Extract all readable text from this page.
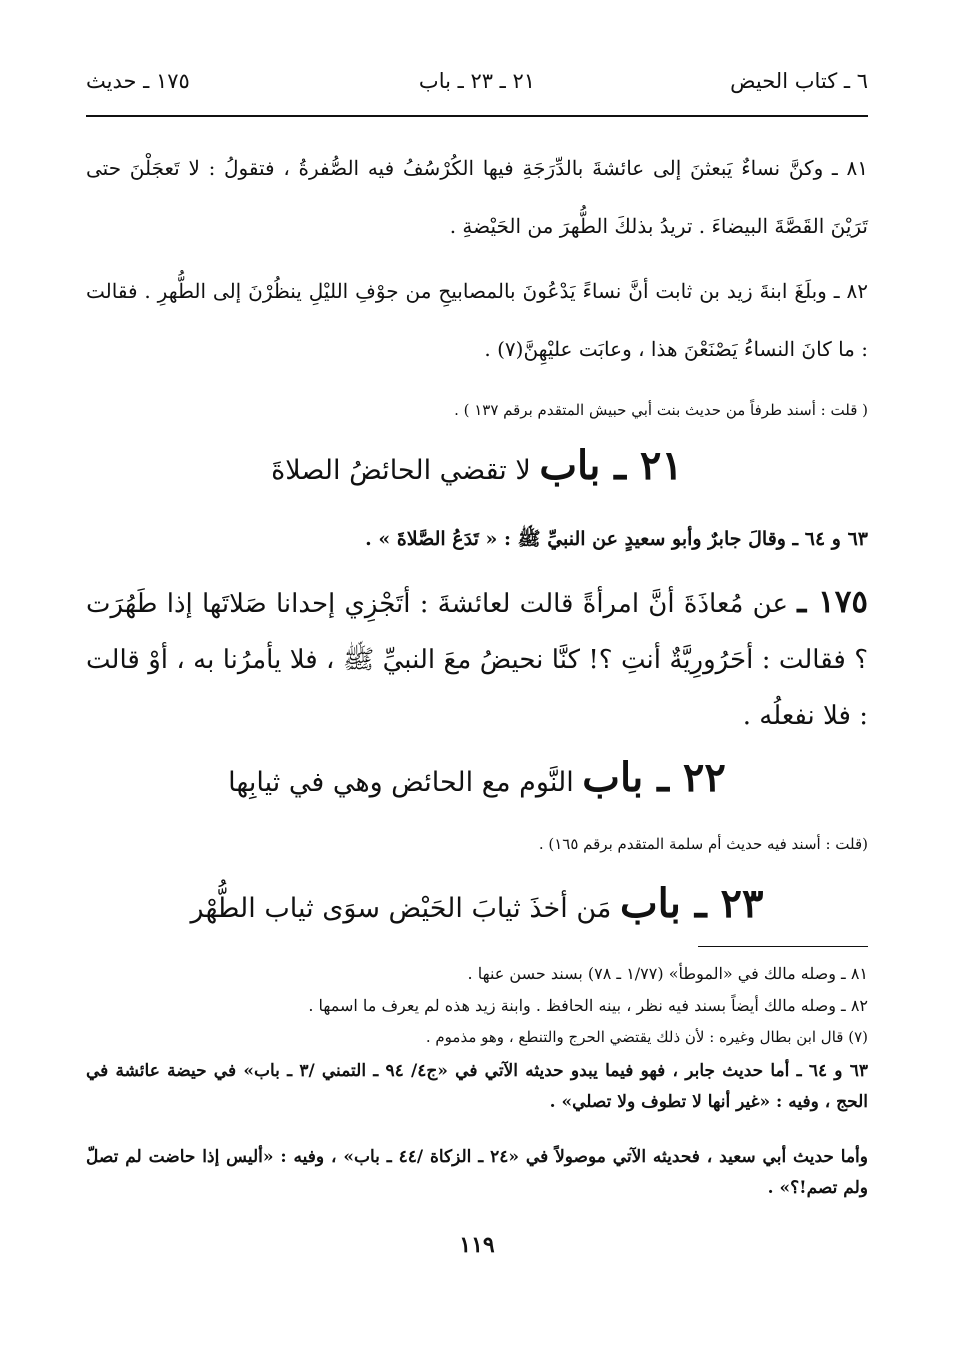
٦ ـ كتاب الحيض
٢١ ـ ٢٣ ـ باب
١٧٥ ـ حديث
٨١ ـ وكنَّ نساءٌ يَبعثنَ إلى عائشةَ بالدِّرَجَةِ فيها الكُرْسُفُ فيه الصُّفرةُ ، فتقولُ : لا تَعجَلْنَ حتى تَرَيْنَ القَصَّةَ البيضاءَ . تريدُ بذلكَ الطُّهرَ من الحَيْضةِ .
٨٢ ـ وبلَغَ ابنةَ زيد بن ثابت أنَّ نساءً يَدْعُونَ بالمصابيحِ من جوْفِ الليْلِ ينظُرْنَ إلى الطُّهرِ . فقالت : ما كانَ النساءُ يَصْنَعْنَ هذا ، وعابَت عليْهِنَّ(٧) .
( قلت : أسند طرفاً من حديث بنت أبي حبيش المتقدم برقم ١٣٧ ) .
٢١ ـ باب لا تقضي الحائضُ الصلاةَ
٦٣ و ٦٤ ـ وقالَ جابرٌ وأبو سعيدٍ عن النبيِّ ﷺ : « تَدَعُ الصَّلاةَ » .
١٧٥ ـ عن مُعاذَةَ أنَّ امرأةً قالت لعائشةَ : أتَجْزِي إحدانا صَلاتَها إذا طَهُرَت ؟ فقالت : أحَرُورِيَّةٌ أنتِ ؟! كنَّا نحيضُ معَ النبيِّ ﷺ ، فلا يأمرُنا به ، أوْ قالت : فلا نفعلُه .
٢٢ ـ باب النَّوم مع الحائض وهي في ثيابِها
(قلت : أسند فيه حديث أم سلمة المتقدم برقم ١٦٥) .
٢٣ ـ باب مَن أخذَ ثيابَ الحَيْض سوَى ثياب الطُّهْر
٨١ ـ وصله مالك في «الموطأ» (١/٧٧ ـ ٧٨) بسند حسن عنها .
٨٢ ـ وصله مالك أيضاً بسند فيه نظر ، بينه الحافظ . وابنة زيد هذه لم يعرف ما اسمها .
(٧) قال ابن بطال وغيره : لأن ذلك يقتضي الحرج والتنطع ، وهو مذموم .
٦٣ و ٦٤ ـ أما حديث جابر ، فهو فيما يبدو حديثه الآتي في «ج٤/ ٩٤ ـ التمني /٣ ـ باب» في حيضة عائشة في الحج ، وفيه : «غير أنها لا تطوف ولا تصلي» .
وأما حديث أبي سعيد ، فحديثه الآتي موصولاً في «٢٤ ـ الزكاة /٤٤ ـ باب» ، وفيه : «أليس إذا حاضت لم تصلّ ولم تصم!؟» .
١١٩
